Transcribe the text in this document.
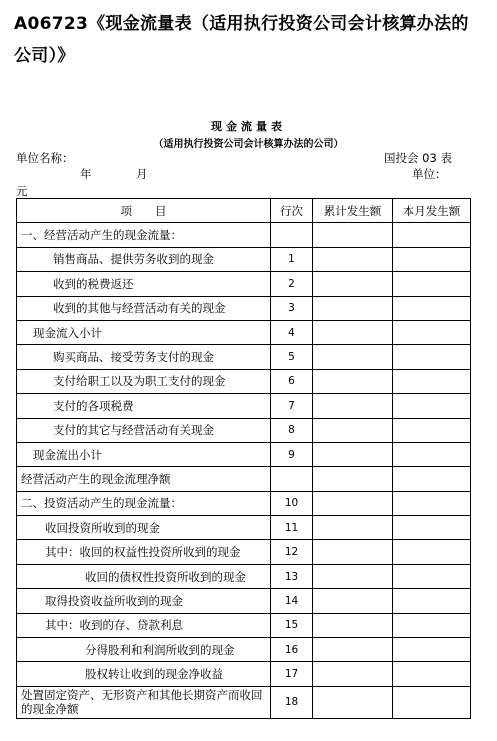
A06723《现金流量表（适用执行投资公司会计核算办法的公司）》
现金流量表
（适用执行投资公司会计核算办法的公司）
单位名称：	国投会 03 表
年	月	单位：
元
项　　目	行次	累计发生额	本月发生额
一、经营活动产生的现金流量：			
销售商品、提供劳务收到的现金	1		
收到的税费返还	2		
收到的其他与经营活动有关的现金	3		
现金流入小计	4		
购买商品、接受劳务支付的现金	5		
支付给职工以及为职工支付的现金	6		
支付的各项税费	7		
支付的其它与经营活动有关现金	8		
现金流出小计	9		
经营活动产生的现金流理净额			
二、投资活动产生的现金流量：	10		
收回投资所收到的现金	11		
其中：收回的权益性投资所收到的现金	12		
收回的债权性投资所收到的现金	13		
取得投资收益所收到的现金	14		
其中：收到的存、贷款利息	15		
分得股利和利润所收到的现金	16		
股权转让收到的现金净收益	17		
处置固定资产、无形资产和其他长期资产而收回的现金净额	18		
